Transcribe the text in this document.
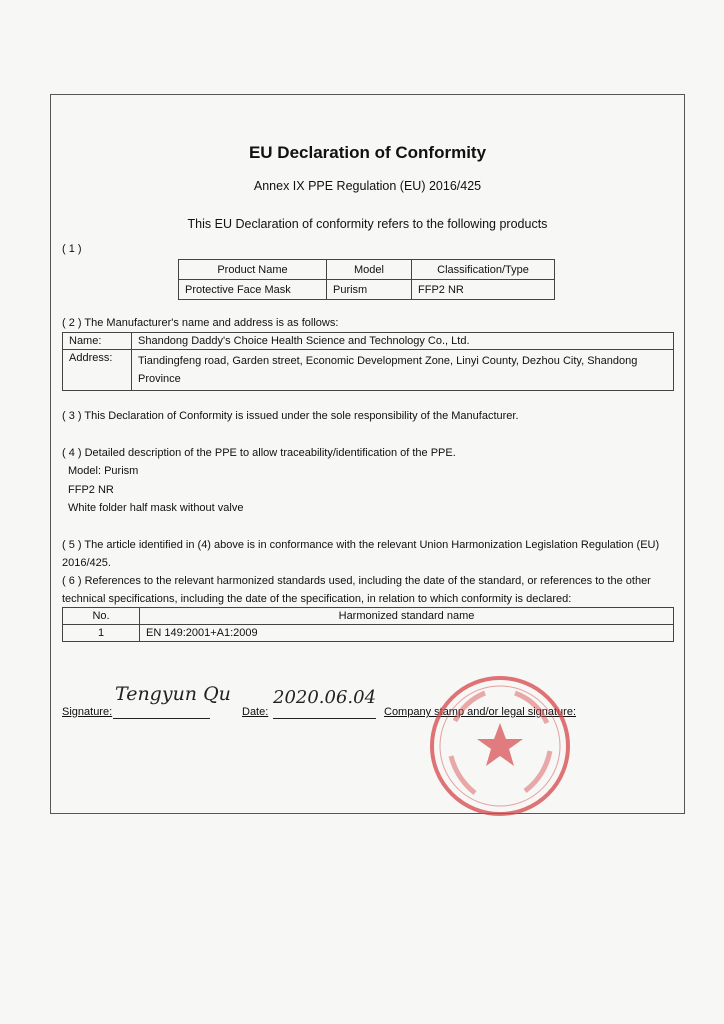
EU Declaration of Conformity
Annex IX PPE Regulation (EU) 2016/425
This EU Declaration of conformity refers to the following products
( 1 )
Product Name	Model	Classification/Type
Protective Face Mask	Purism	FFP2 NR
( 2 ) The Manufacturer's name and address is as follows:
Name:	Shandong Daddy's Choice Health Science and Technology Co., Ltd.
Address:	Tiandingfeng road, Garden street, Economic Development Zone, Linyi County, Dezhou City, Shandong
Province
( 3 ) This Declaration of Conformity is issued under the sole responsibility of the Manufacturer.
( 4 ) Detailed description of the PPE to allow traceability/identification of the PPE.
Model: Purism
FFP2 NR
White folder half mask without valve
( 5 ) The article identified in (4) above is in conformance with the relevant Union Harmonization Legislation Regulation (EU)
2016/425.
( 6 ) References to the relevant harmonized standards used, including the date of the standard, or references to the other
technical specifications, including the date of the specification, in relation to which conformity is declared:
No.	Harmonized standard name
1	EN 149:2001+A1:2009
Signature:
Tengyun Qu
Date:
2020.06.04
Company stamp and/or legal signature:
